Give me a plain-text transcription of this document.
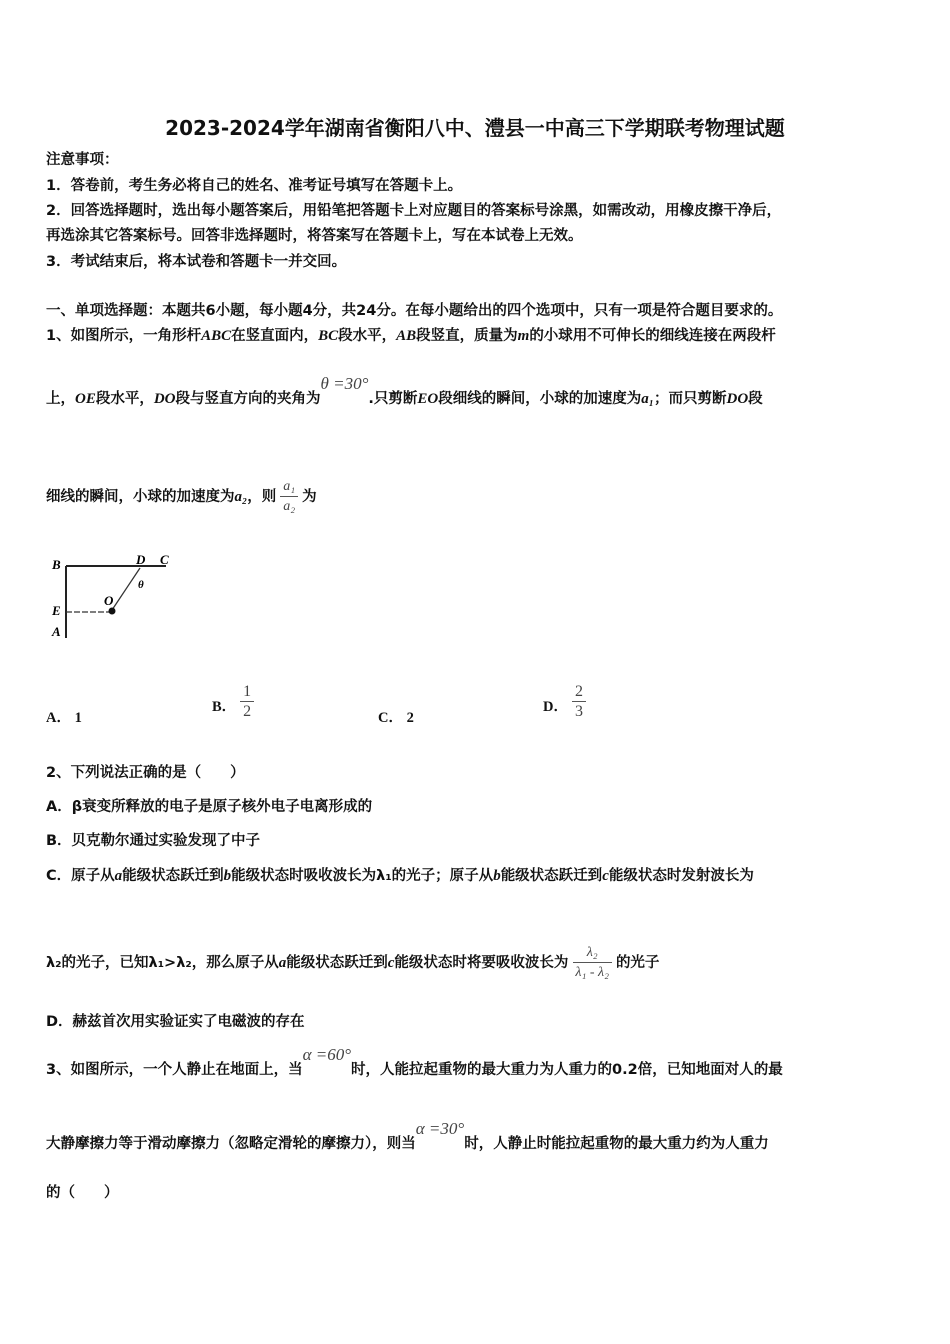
2023-2024学年湖南省衡阳八中、澧县一中高三下学期联考物理试题
注意事项：
1．答卷前，考生务必将自己的姓名、准考证号填写在答题卡上。
2．回答选择题时，选出每小题答案后，用铅笔把答题卡上对应题目的答案标号涂黑，如需改动，用橡皮擦干净后，
再选涂其它答案标号。回答非选择题时，将答案写在答题卡上，写在本试卷上无效。
3．考试结束后，将本试卷和答题卡一并交回。
一、单项选择题：本题共6小题，每小题4分，共24分。在每小题给出的四个选项中，只有一项是符合题目要求的。
1、如图所示，一角形杆ABC在竖直面内，BC段水平，AB段竖直，质量为m的小球用不可伸长的细线连接在两段杆
上，OE段水平，DO段与竖直方向的夹角为θ =30°.只剪断EO段细线的瞬间，小球的加速度为a₁；而只剪断DO段
细线的瞬间，小球的加速度为a₂，则 $\frac{\text{a₁}}{\text{a₂}}$ 为
B	D C
θ
O
E
A
A． 1
B． $\frac{1}{2}$	C． 2
D． $\frac{2}{3}$
2、下列说法正确的是（　　）
A．β衰变所释放的电子是原子核外电子电离形成的
B．贝克勒尔通过实验发现了中子
C．原子从a能级状态跃迁到b能级状态时吸收波长为λ₁的光子；原子从b能级状态跃迁到c能级状态时发射波长为
λ₂的光子，已知λ₁>λ₂，那么原子从a能级状态跃迁到c能级状态时将要吸收波长为 $\frac{\text{λ₂}}{\text{λ₁ - λ₂}}$ 的光子
D．赫兹首次用实验证实了电磁波的存在
3、如图所示，一个人静止在地面上，当α =60°时，人能拉起重物的最大重力为人重力的0.2倍，已知地面对人的最
大静摩擦力等于滑动摩擦力（忽略定滑轮的摩擦力），则当α =30°时，人静止时能拉起重物的最大重力约为人重力
的（　　）
